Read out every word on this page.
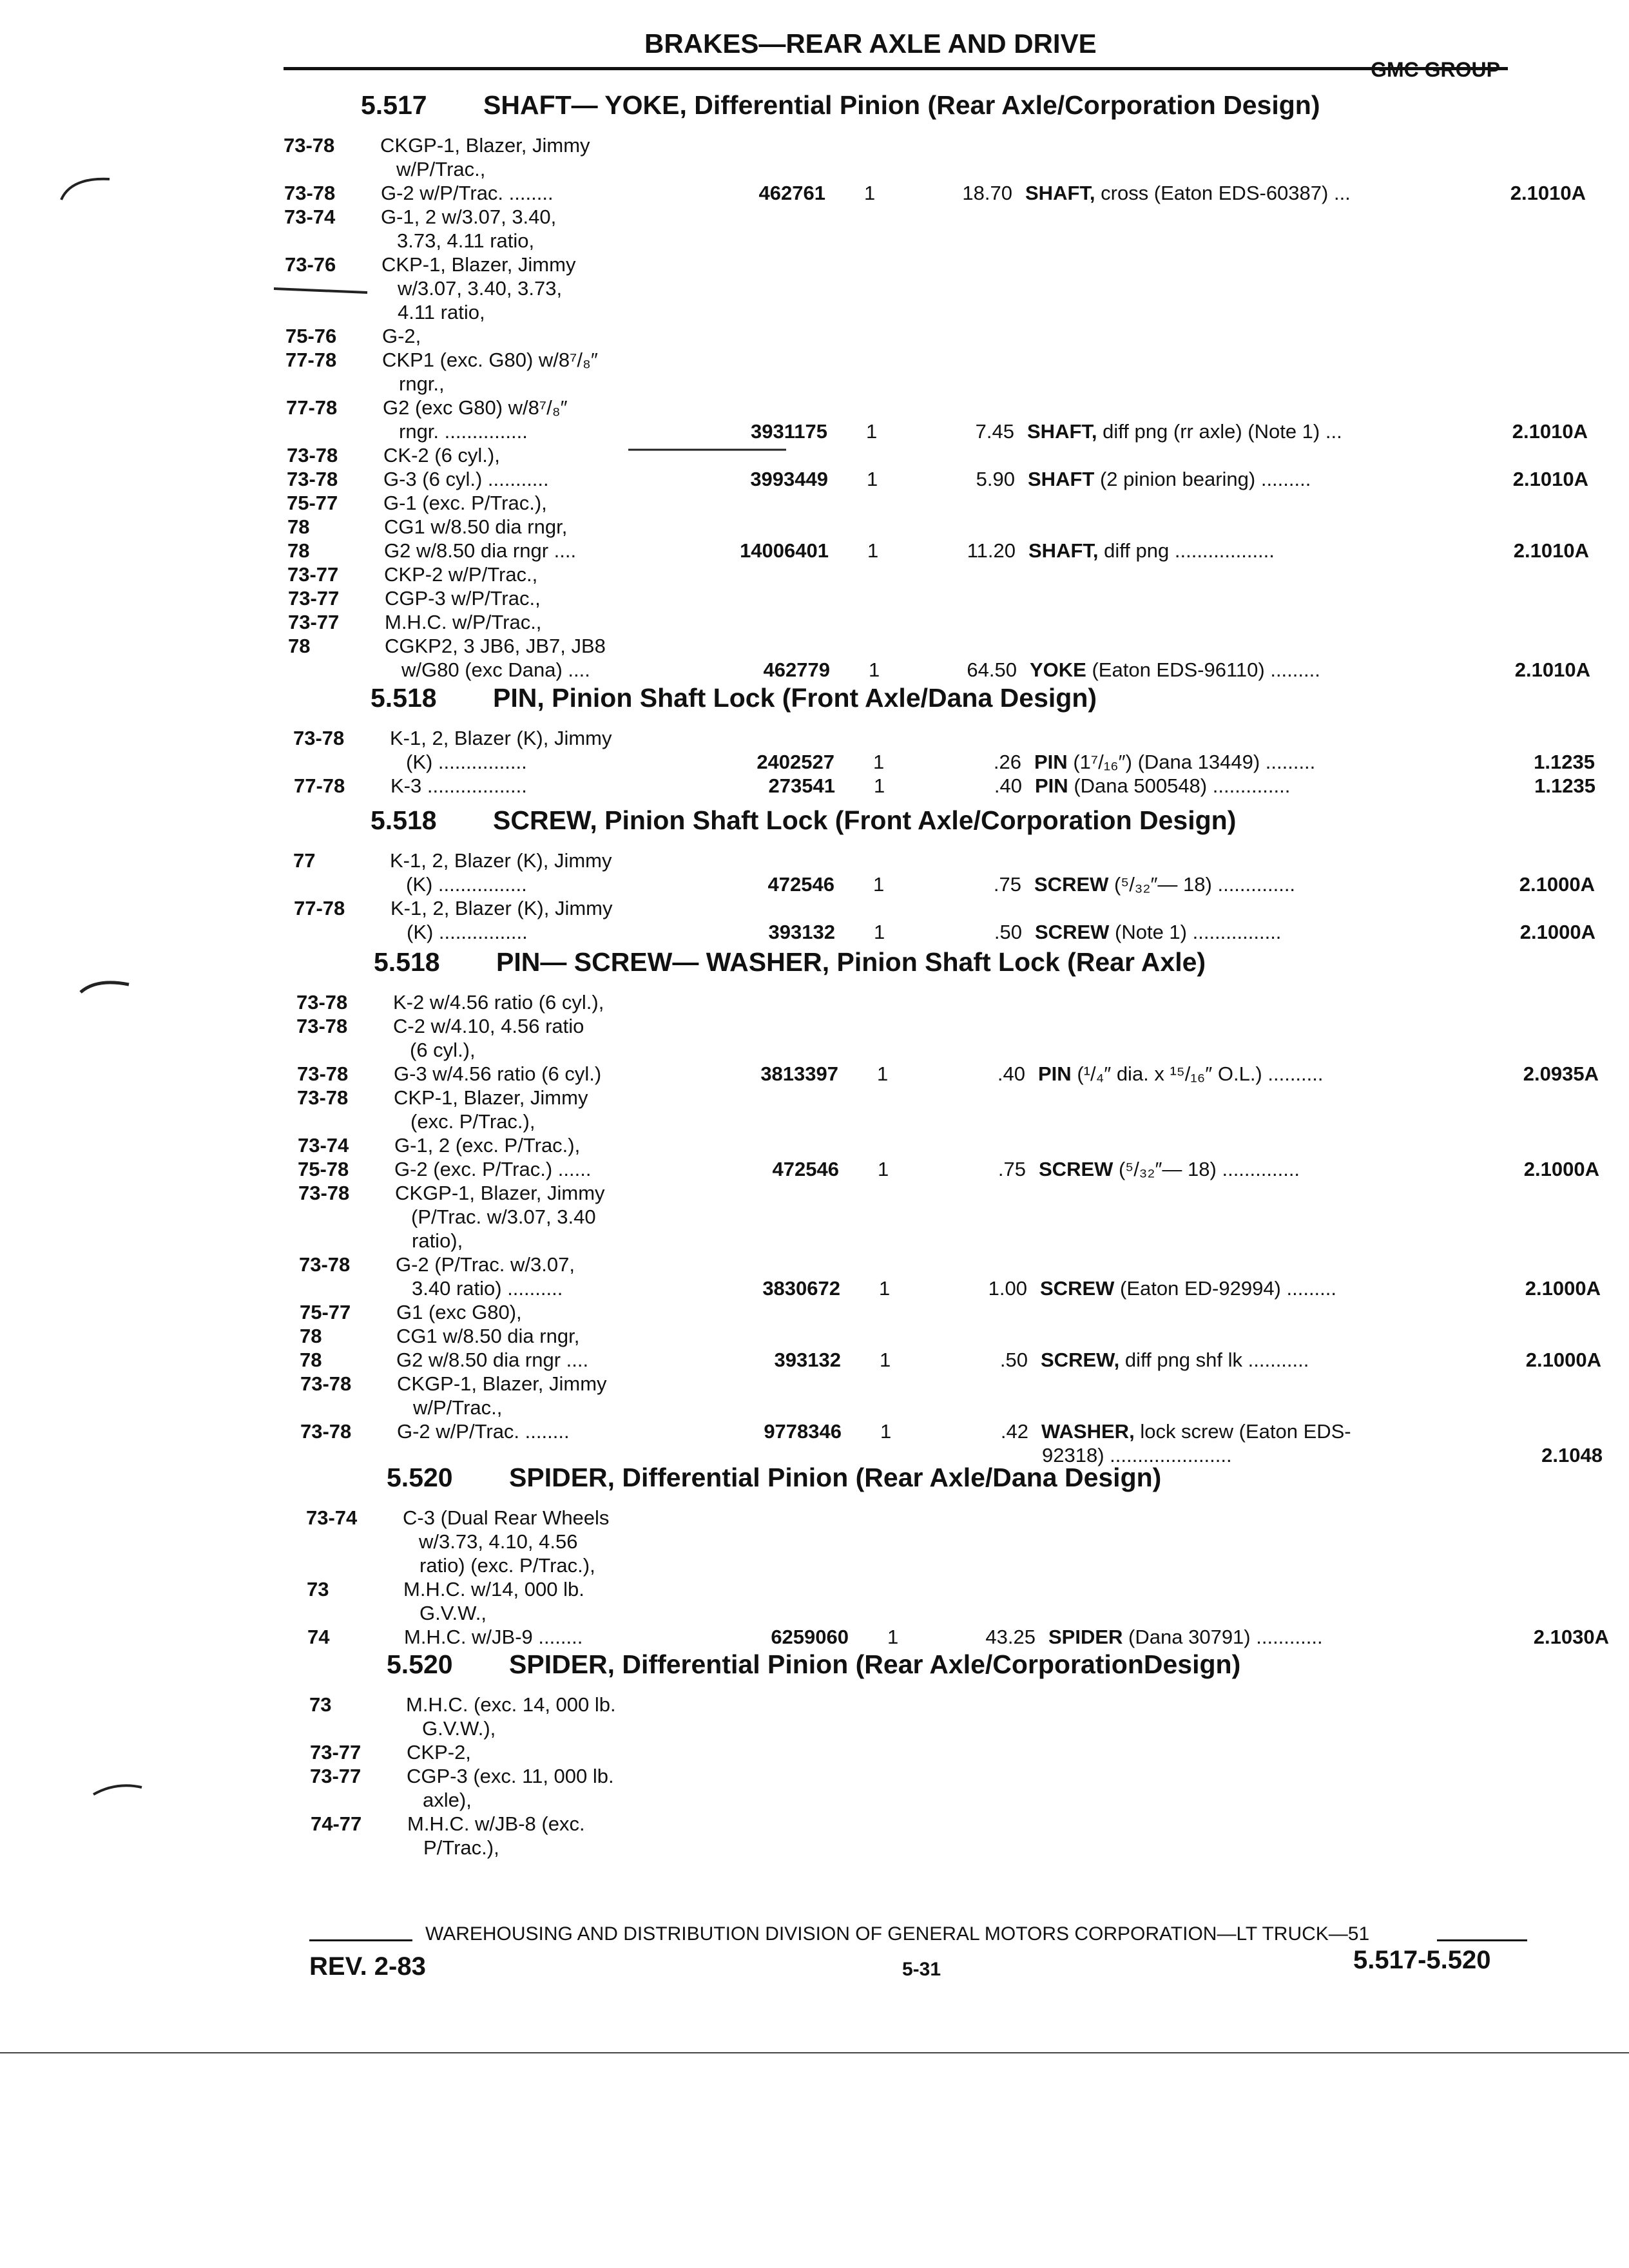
BRAKES—REAR AXLE AND DRIVE
GMC GROUP
5.517 SHAFT— YOKE, Differential Pinion (Rear Axle/Corporation Design)
73-78	CKGP-1, Blazer, Jimmy
w/P/Trac.,
73-78	G-2 w/P/Trac. ........	462761 1	18.70 SHAFT, cross (Eaton EDS-60387) ...	2.1010A
73-74	G-1, 2 w/3.07, 3.40,
3.73, 4.11 ratio,
73-76	CKP-1, Blazer, Jimmy
w/3.07, 3.40, 3.73,
4.11 ratio,
75-76	G-2,
77-78	CKP1 (exc. G80) w/8⁷/₈″
rngr.,
77-78	G2 (exc G80) w/8⁷/₈″
rngr. ...............	3931175 1	7.45 SHAFT, diff png (rr axle) (Note 1) ...	2.1010A
73-78	CK-2 (6 cyl.),
73-78	G-3 (6 cyl.) ...........	3993449 1	5.90 SHAFT (2 pinion bearing) .........	2.1010A
75-77	G-1 (exc. P/Trac.),
78	CG1 w/8.50 dia rngr,
78	G2 w/8.50 dia rngr ....	14006401 1	11.20 SHAFT, diff png ..................	2.1010A
73-77	CKP-2 w/P/Trac.,
73-77	CGP-3 w/P/Trac.,
73-77	M.H.C. w/P/Trac.,
78	CGKP2, 3 JB6, JB7, JB8
w/G80 (exc Dana) ....	462779 1	64.50 YOKE (Eaton EDS-96110) .........	2.1010A
5.518 PIN, Pinion Shaft Lock (Front Axle/Dana Design)
73-78	K-1, 2, Blazer (K), Jimmy
(K) ................	2402527 1	.26 PIN (1⁷/₁₆″) (Dana 13449) .........	1.1235
77-78	K-3 ..................	273541 1	.40 PIN (Dana 500548) ..............	1.1235
5.518 SCREW, Pinion Shaft Lock (Front Axle/Corporation Design)
77	K-1, 2, Blazer (K), Jimmy
(K) ................	472546 1	.75 SCREW (⁵/₃₂″— 18) ..............	2.1000A
77-78	K-1, 2, Blazer (K), Jimmy
(K) ................	393132 1	.50 SCREW (Note 1) ................	2.1000A
5.518 PIN— SCREW— WASHER, Pinion Shaft Lock (Rear Axle)
73-78	K-2 w/4.56 ratio (6 cyl.),
73-78	C-2 w/4.10, 4.56 ratio
(6 cyl.),
73-78	G-3 w/4.56 ratio (6 cyl.)	3813397 1	.40 PIN (¹/₄″ dia. x ¹⁵/₁₆″ O.L.) ..........	2.0935A
73-78	CKP-1, Blazer, Jimmy
(exc. P/Trac.),
73-74	G-1, 2 (exc. P/Trac.),
75-78	G-2 (exc. P/Trac.) ......	472546 1	.75 SCREW (⁵/₃₂″— 18) ..............	2.1000A
73-78	CKGP-1, Blazer, Jimmy
(P/Trac. w/3.07, 3.40
ratio),
73-78	G-2 (P/Trac. w/3.07,
3.40 ratio) ..........	3830672 1	1.00 SCREW (Eaton ED-92994) .........	2.1000A
75-77	G1 (exc G80),
78	CG1 w/8.50 dia rngr,
78	G2 w/8.50 dia rngr ....	393132 1	.50 SCREW, diff png shf lk ...........	2.1000A
73-78	CKGP-1, Blazer, Jimmy
w/P/Trac.,
73-78	G-2 w/P/Trac. ........	9778346 1	.42 WASHER, lock screw (Eaton EDS-
92318) ......................	2.1048
5.520 SPIDER, Differential Pinion (Rear Axle/Dana Design)
73-74	C-3 (Dual Rear Wheels
w/3.73, 4.10, 4.56
ratio) (exc. P/Trac.),
73	M.H.C. w/14, 000 lb.
G.V.W.,
74	M.H.C. w/JB-9 ........	6259060 1	43.25 SPIDER (Dana 30791) ............	2.1030A
5.520 SPIDER, Differential Pinion (Rear Axle/CorporationDesign)
73	M.H.C. (exc. 14, 000 lb.
G.V.W.),
73-77	CKP-2,
73-77	CGP-3 (exc. 11, 000 lb.
axle),
74-77	M.H.C. w/JB-8 (exc.
P/Trac.),
WAREHOUSING AND DISTRIBUTION DIVISION OF GENERAL MOTORS CORPORATION—LT TRUCK—51
REV. 2-83	5-31	5.517-5.520
